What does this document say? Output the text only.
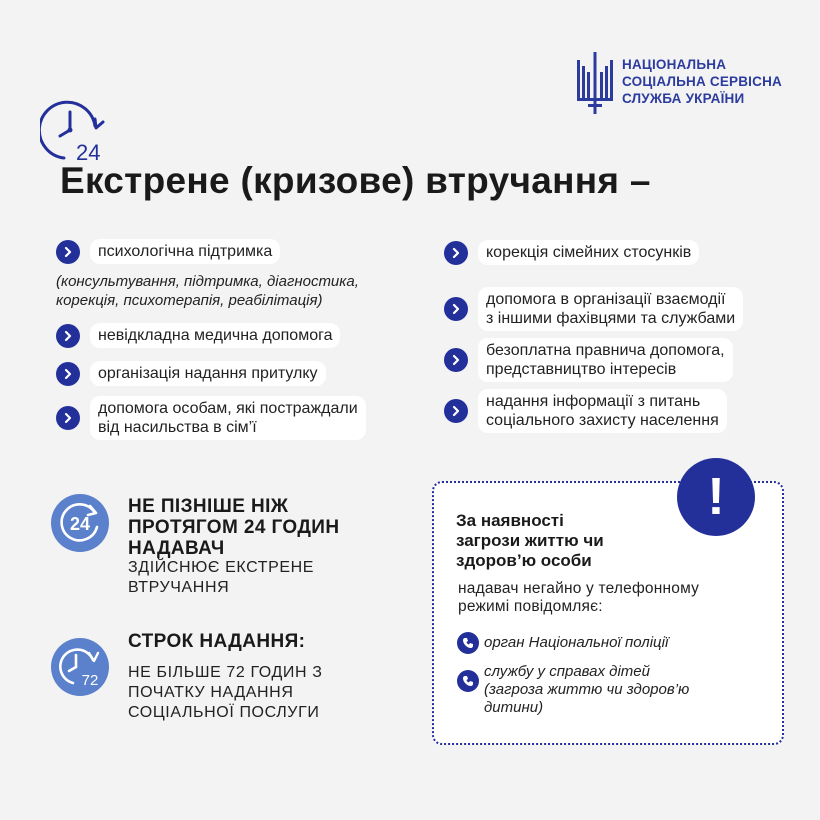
НАЦІОНАЛЬНА
СОЦІАЛЬНА СЕРВІСНА
СЛУЖБА УКРАЇНИ
24
Екстрене (кризове) втручання –
психологічна підтримка
(консультування, підтримка, діагностика,
корекція, психотерапія, реабілітація)
невідкладна медична допомога
організація надання притулку
допомога особам, які постраждали
від насильства в сім’ї
корекція сімейних стосунків
допомога в організації взаємодії
з іншими фахівцями та службами
безоплатна правнича допомога,
представництво інтересів
надання інформації з питань
соціального захисту населення
24
НЕ ПІЗНІШЕ НІЖ
ПРОТЯГОМ 24 ГОДИН
НАДАВАЧ
ЗДІЙСНЮЄ ЕКСТРЕНЕ
ВТРУЧАННЯ
72
СТРОК НАДАННЯ:
НЕ БІЛЬШЕ 72 ГОДИН З
ПОЧАТКУ НАДАННЯ
СОЦІАЛЬНОЇ ПОСЛУГИ
!
За наявності
загрози життю чи
здоров’ю особи
надавач негайно у телефонному
режимі повідомляє:
орган Національної поліції
службу у справах дітей
(загроза життю чи здоров’ю
дитини)
